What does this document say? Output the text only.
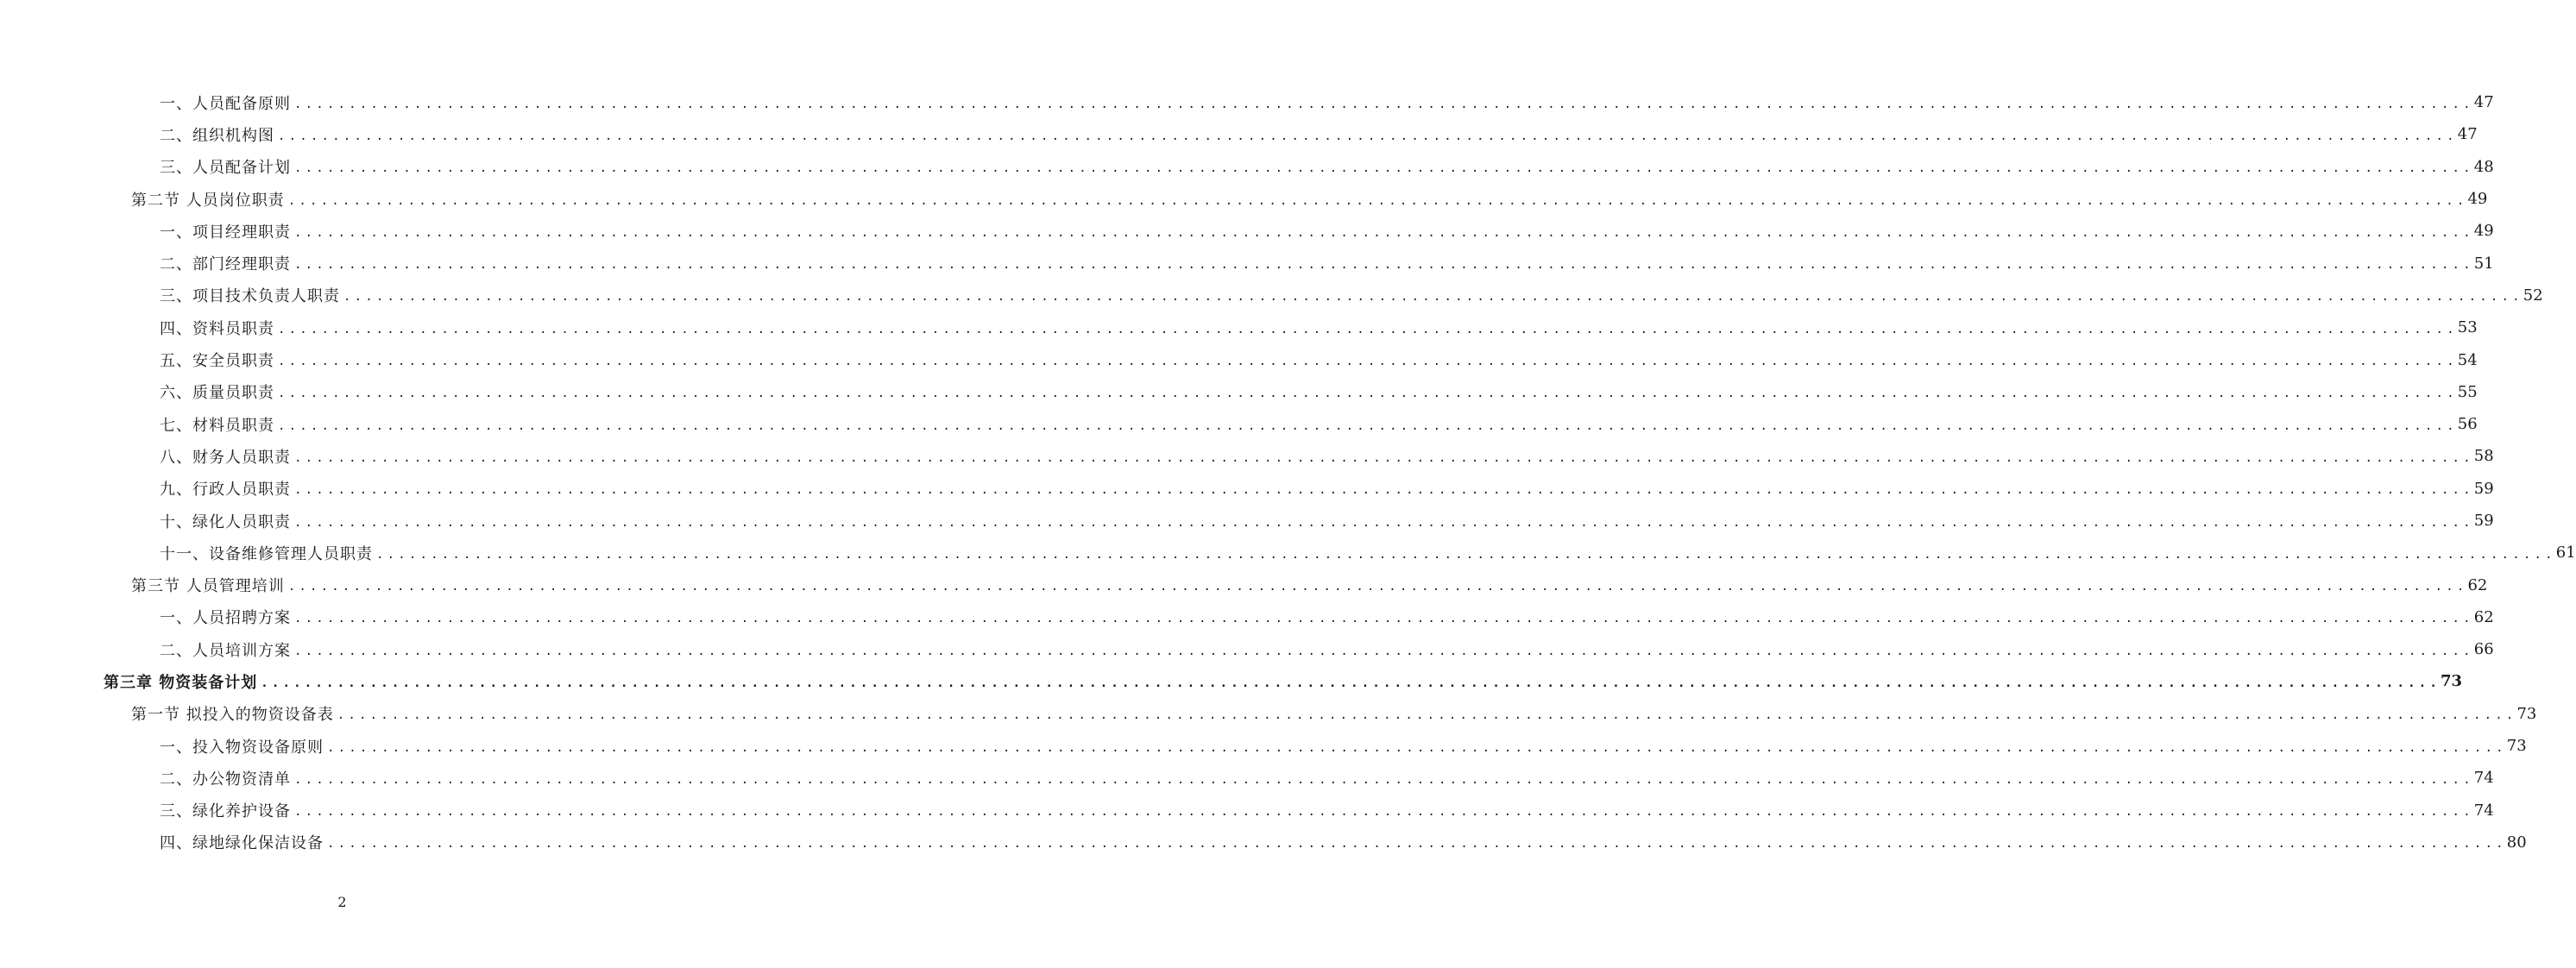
一、人员配备原则 ........................................................................................................................................................................................................ 47
二、组织机构图 ........................................................................................................................................................................................................ 47
三、人员配备计划 ........................................................................................................................................................................................................ 48
第二节 人员岗位职责 ........................................................................................................................................................................................................ 49
一、项目经理职责 ........................................................................................................................................................................................................ 49
二、部门经理职责 ........................................................................................................................................................................................................ 51
三、项目技术负责人职责 ........................................................................................................................................................................................................ 52
四、资料员职责 ........................................................................................................................................................................................................ 53
五、安全员职责 ........................................................................................................................................................................................................ 54
六、质量员职责 ........................................................................................................................................................................................................ 55
七、材料员职责 ........................................................................................................................................................................................................ 56
八、财务人员职责 ........................................................................................................................................................................................................ 58
九、行政人员职责 ........................................................................................................................................................................................................ 59
十、绿化人员职责 ........................................................................................................................................................................................................ 59
十一、设备维修管理人员职责 ........................................................................................................................................................................................................ 61
第三节 人员管理培训 ........................................................................................................................................................................................................ 62
一、人员招聘方案 ........................................................................................................................................................................................................ 62
二、人员培训方案 ........................................................................................................................................................................................................ 66
第三章 物资装备计划 ........................................................................................................................................................................................................ 73
第一节 拟投入的物资设备表 ........................................................................................................................................................................................................ 73
一、投入物资设备原则 ........................................................................................................................................................................................................ 73
二、办公物资清单 ........................................................................................................................................................................................................ 74
三、绿化养护设备 ........................................................................................................................................................................................................ 74
四、绿地绿化保洁设备 ........................................................................................................................................................................................................ 80
2
